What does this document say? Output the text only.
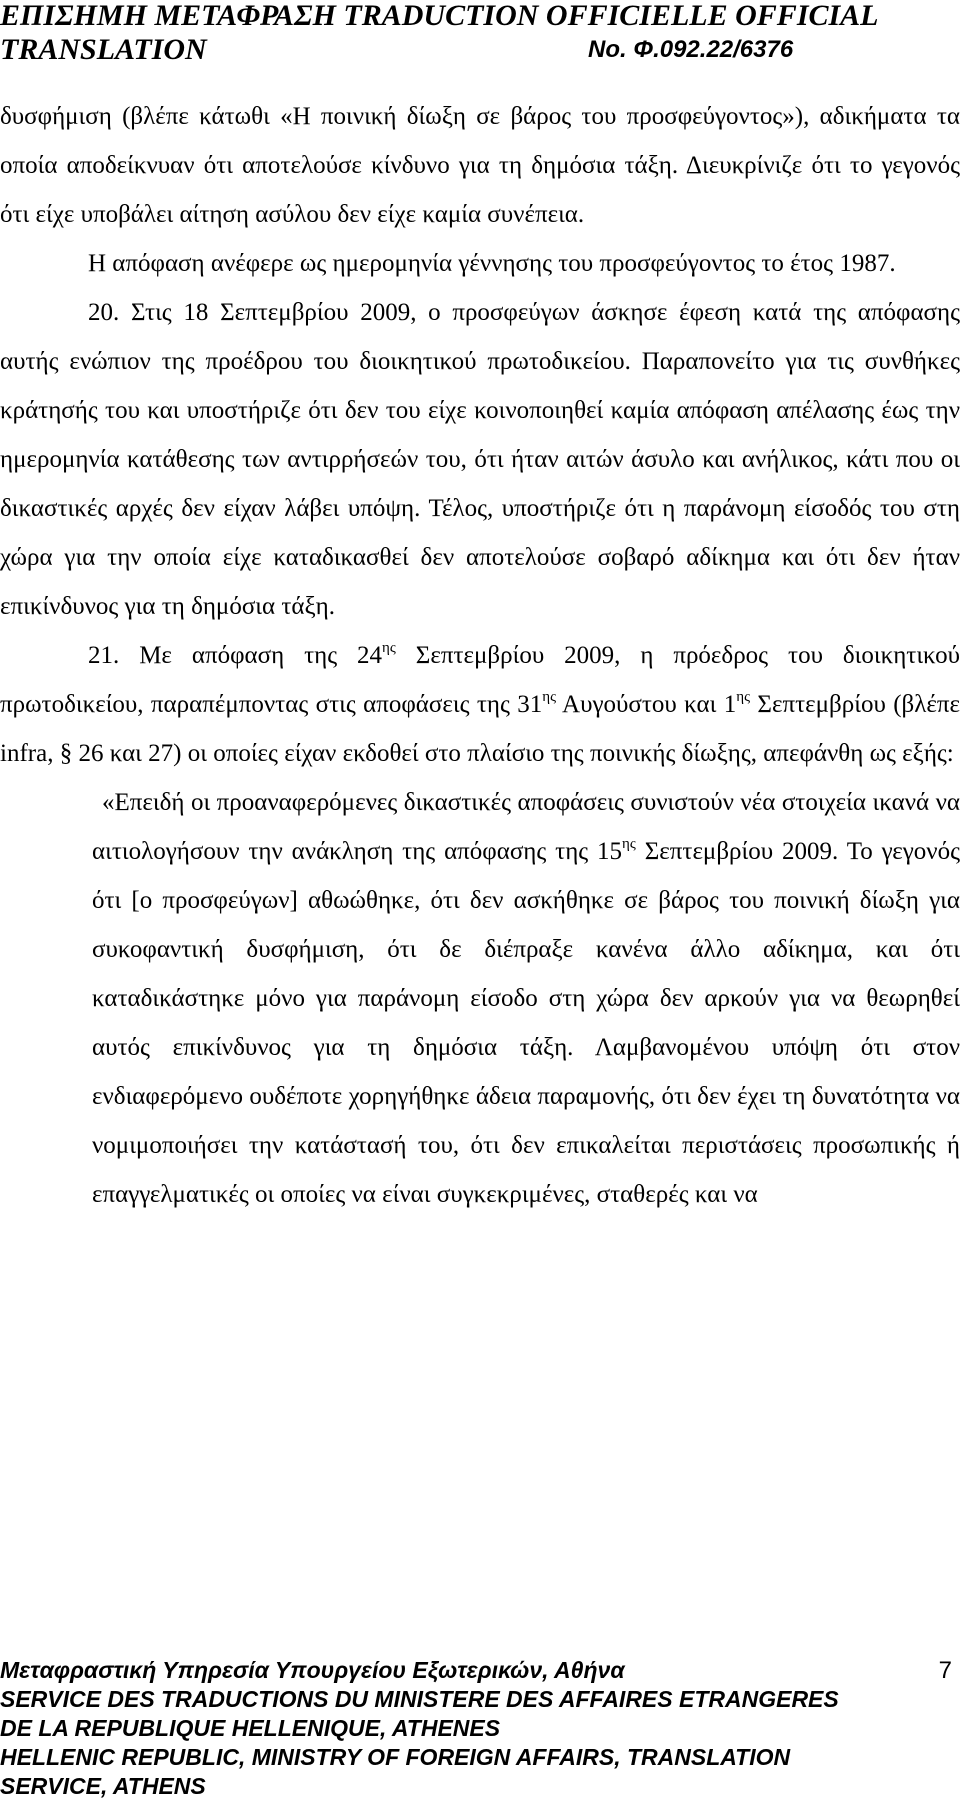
ΕΠΙΣΗΜΗ ΜΕΤΑΦΡΑΣΗ TRADUCTION OFFICIELLE OFFICIAL
TRANSLATION	No. Φ.092.22/6376

δυσφήμιση (βλέπε κάτωθι «Η ποινική δίωξη σε βάρος του προσφεύγοντος»), αδικήματα τα οποία αποδείκνυαν ότι αποτελούσε κίνδυνο για τη δημόσια τάξη. Διευκρίνιζε ότι το γεγονός ότι είχε υποβάλει αίτηση ασύλου δεν είχε καμία συνέπεια.

Η απόφαση ανέφερε ως ημερομηνία γέννησης του προσφεύγοντος το έτος 1987.

20. Στις 18 Σεπτεμβρίου 2009, ο προσφεύγων άσκησε έφεση κατά της απόφασης αυτής ενώπιον της προέδρου του διοικητικού πρωτοδικείου. Παραπονείτο για τις συνθήκες κράτησής του και υποστήριζε ότι δεν του είχε κοινοποιηθεί καμία απόφαση απέλασης έως την ημερομηνία κατάθεσης των αντιρρήσεών του, ότι ήταν αιτών άσυλο και ανήλικος, κάτι που οι δικαστικές αρχές δεν είχαν λάβει υπόψη. Τέλος, υποστήριζε ότι η παράνομη είσοδός του στη χώρα για την οποία είχε καταδικασθεί δεν αποτελούσε σοβαρό αδίκημα και ότι δεν ήταν επικίνδυνος για τη δημόσια τάξη.

21. Με απόφαση της $24^{\eta\varsigma}$ Σεπτεμβρίου 2009, η πρόεδρος του διοικητικού πρωτοδικείου, παραπέμποντας στις αποφάσεις της $31^{\eta\varsigma}$ Αυγούστου και $1^{\eta\varsigma}$ Σεπτεμβρίου (βλέπε infra, § 26 και 27) οι οποίες είχαν εκδοθεί στο πλαίσιο της ποινικής δίωξης, απεφάνθη ως εξής:

«Επειδή οι προαναφερόμενες δικαστικές αποφάσεις συνιστούν νέα στοιχεία ικανά να αιτιολογήσουν την ανάκληση της απόφασης της $15^{\eta\varsigma}$ Σεπτεμβρίου 2009. Το γεγονός ότι [ο προσφεύγων] αθωώθηκε, ότι δεν ασκήθηκε σε βάρος του ποινική δίωξη για συκοφαντική δυσφήμιση, ότι δε διέπραξε κανένα άλλο αδίκημα, και ότι καταδικάστηκε μόνο για παράνομη είσοδο στη χώρα δεν αρκούν για να θεωρηθεί αυτός επικίνδυνος για τη δημόσια τάξη. Λαμβανομένου υπόψη ότι στον ενδιαφερόμενο ουδέποτε χορηγήθηκε άδεια παραμονής, ότι δεν έχει τη δυνατότητα να νομιμοποιήσει την κατάστασή του, ότι δεν επικαλείται περιστάσεις προσωπικής ή επαγγελματικές οι οποίες να είναι συγκεκριμένες, σταθερές και να

Μεταφραστική Υπηρεσία Υπουργείου Εξωτερικών, Αθήνα	7
SERVICE DES TRADUCTIONS DU MINISTERE DES AFFAIRES ETRANGERES
DE LA REPUBLIQUE HELLENIQUE, ATHENES
HELLENIC REPUBLIC, MINISTRY OF FOREIGN AFFAIRS, TRANSLATION
SERVICE, ATHENS
